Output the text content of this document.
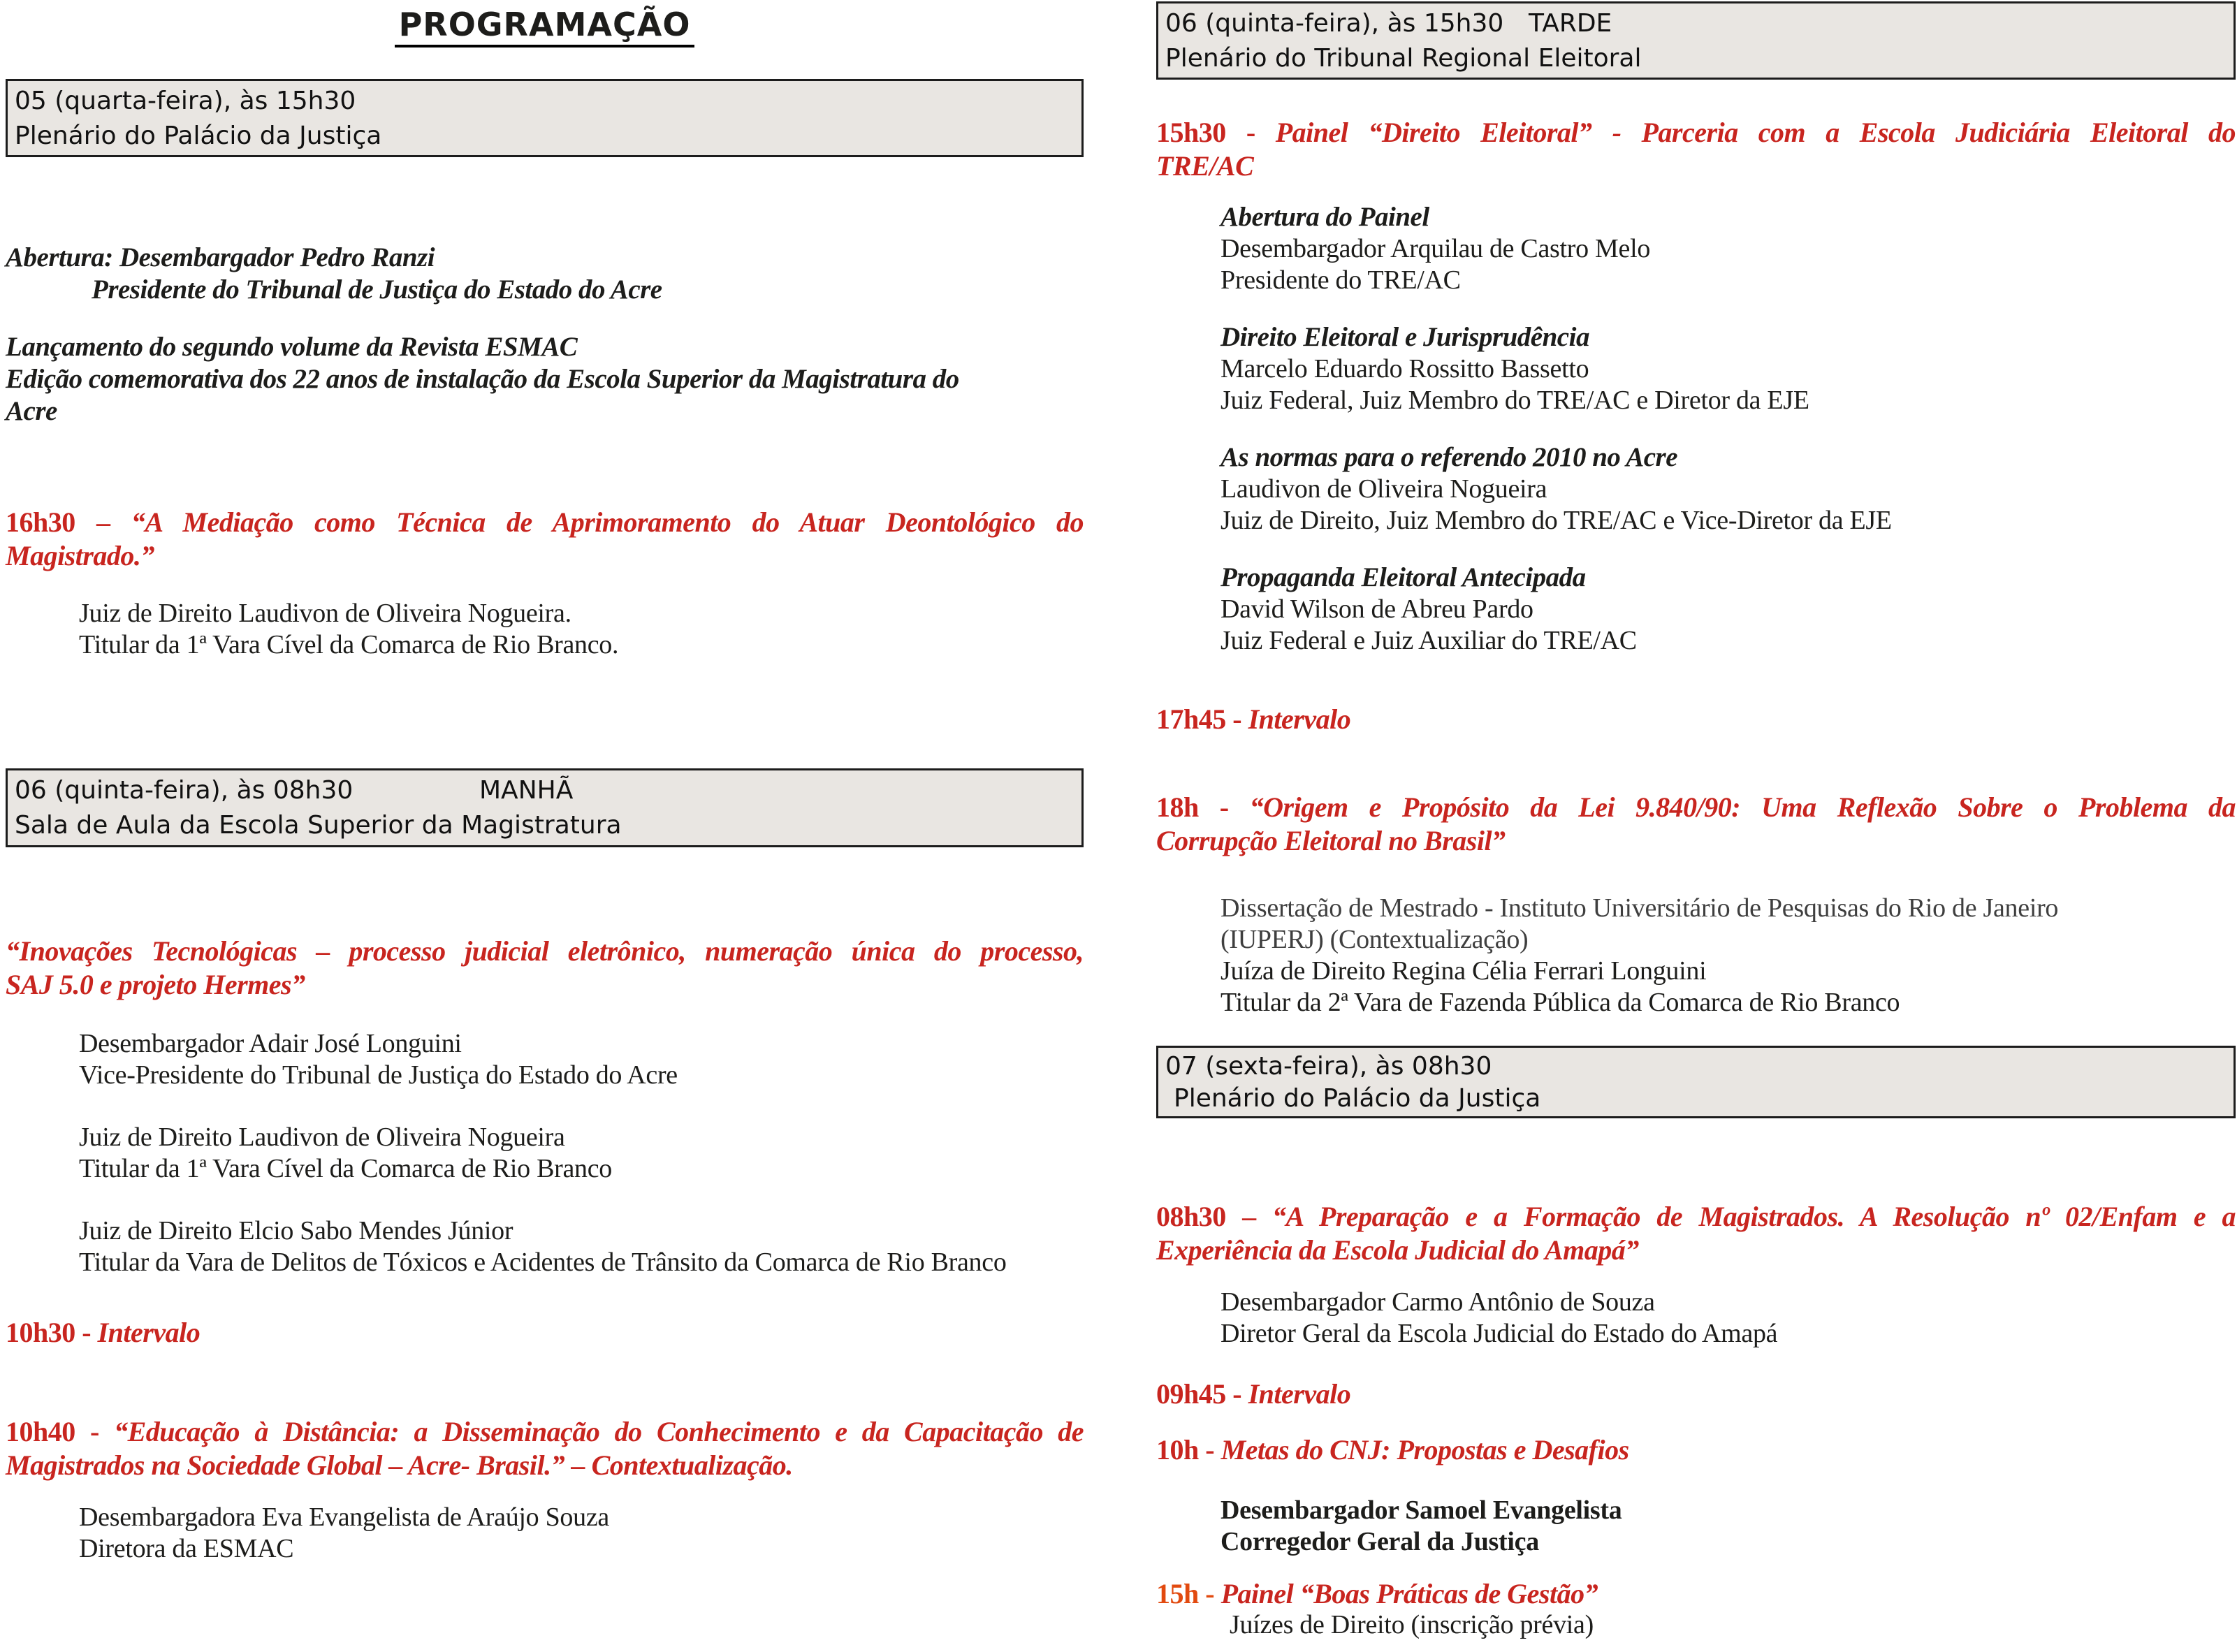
PROGRAMAÇÃO
05 (quarta-feira), às 15h30
Plenário do Palácio da Justiça
Abertura: Desembargador Pedro Ranzi
Presidente do Tribunal de Justiça do Estado do Acre
Lançamento do segundo volume da Revista ESMAC
Edição comemorativa dos 22 anos de instalação da Escola Superior da Magistratura do
Acre
16h30 – “A Mediação como Técnica de Aprimoramento do Atuar Deontológico do
Magistrado.”
Juiz de Direito Laudivon de Oliveira Nogueira.
Titular da 1ª Vara Cível da Comarca de Rio Branco.
06 (quinta-feira), às 08h30	MANHÃ
Sala de Aula da Escola Superior da Magistratura
“Inovações Tecnológicas – processo judicial eletrônico, numeração única do processo,
SAJ 5.0 e projeto Hermes”
Desembargador Adair José Longuini
Vice-Presidente do Tribunal de Justiça do Estado do Acre
Juiz de Direito Laudivon de Oliveira Nogueira
Titular da 1ª Vara Cível da Comarca de Rio Branco
Juiz de Direito Elcio Sabo Mendes Júnior
Titular da Vara de Delitos de Tóxicos e Acidentes de Trânsito da Comarca de Rio Branco
10h30 - Intervalo
10h40 - “Educação à Distância: a Disseminação do Conhecimento e da Capacitação de
Magistrados na Sociedade Global – Acre- Brasil.” – Contextualização.
Desembargadora Eva Evangelista de Araújo Souza
Diretora da ESMAC
06 (quinta-feira), às 15h30 TARDE
Plenário do Tribunal Regional Eleitoral
15h30 - Painel “Direito Eleitoral” - Parceria com a Escola Judiciária Eleitoral do
TRE/AC
Abertura do Painel
Desembargador Arquilau de Castro Melo
Presidente do TRE/AC
Direito Eleitoral e Jurisprudência
Marcelo Eduardo Rossitto Bassetto
Juiz Federal, Juiz Membro do TRE/AC e Diretor da EJE
As normas para o referendo 2010 no Acre
Laudivon de Oliveira Nogueira
Juiz de Direito, Juiz Membro do TRE/AC e Vice-Diretor da EJE
Propaganda Eleitoral Antecipada
David Wilson de Abreu Pardo
Juiz Federal e Juiz Auxiliar do TRE/AC
17h45 - Intervalo
18h - “Origem e Propósito da Lei 9.840/90: Uma Reflexão Sobre o Problema da
Corrupção Eleitoral no Brasil”
Dissertação de Mestrado - Instituto Universitário de Pesquisas do Rio de Janeiro
(IUPERJ) (Contextualização)
Juíza de Direito Regina Célia Ferrari Longuini
Titular da 2ª Vara de Fazenda Pública da Comarca de Rio Branco
07 (sexta-feira), às 08h30
Plenário do Palácio da Justiça
08h30 – “A Preparação e a Formação de Magistrados. A Resolução nº 02/Enfam e a
Experiência da Escola Judicial do Amapá”
Desembargador Carmo Antônio de Souza
Diretor Geral da Escola Judicial do Estado do Amapá
09h45 - Intervalo
10h - Metas do CNJ: Propostas e Desafios
Desembargador Samoel Evangelista
Corregedor Geral da Justiça
15h - Painel “Boas Práticas de Gestão”
Juízes de Direito (inscrição prévia)
